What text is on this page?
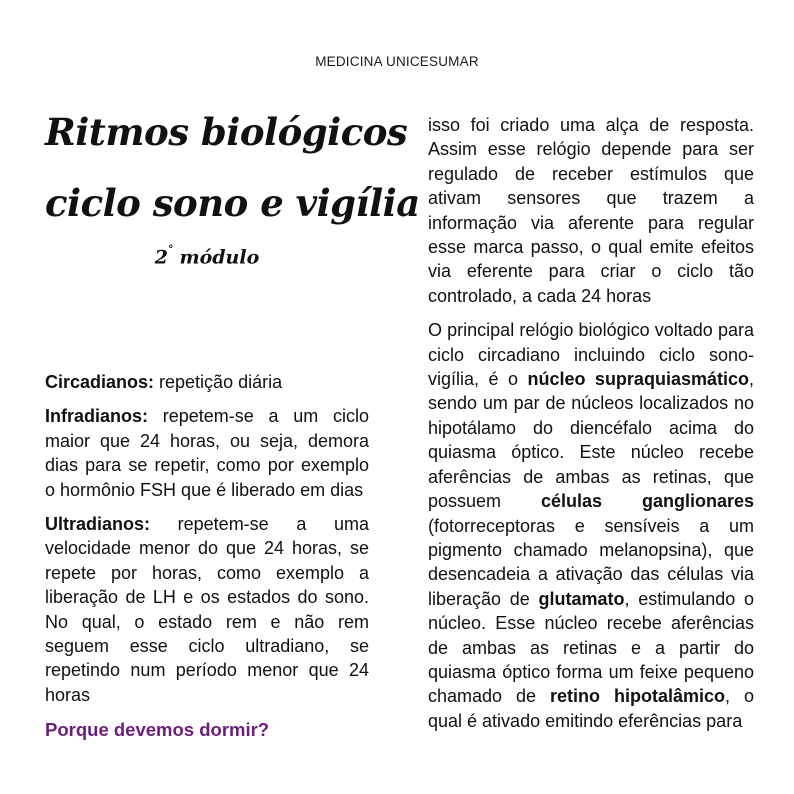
MEDICINA UNICESUMAR
Ritmos biológicos
ciclo sono e vigília
2° módulo

Circadianos: repetição diária

Infradianos: repetem-se a um ciclo maior que 24 horas, ou seja, demora dias para se repetir, como por exemplo o hormônio FSH que é liberado em dias

Ultradianos: repetem-se a uma velocidade menor do que 24 horas, se repete por horas, como exemplo a liberação de LH e os estados do sono. No qual, o estado rem e não rem seguem esse ciclo ultradiano, se repetindo num período menor que 24 horas

Porque devemos dormir?

isso foi criado uma alça de resposta. Assim esse relógio depende para ser regulado de receber estímulos que ativam sensores que trazem a informação via aferente para regular esse marca passo, o qual emite efeitos via eferente para criar o ciclo tão controlado, a cada 24 horas

O principal relógio biológico voltado para ciclo circadiano incluindo ciclo sono-vigília, é o núcleo supraquiasmático, sendo um par de núcleos localizados no hipotálamo do diencéfalo acima do quiasma óptico. Este núcleo recebe aferências de ambas as retinas, que possuem células ganglionares (fotorreceptoras e sensíveis a um pigmento chamado melanopsina), que desencadeia a ativação das células via liberação de glutamato, estimulando o núcleo. Esse núcleo recebe aferências de ambas as retinas e a partir do quiasma óptico forma um feixe pequeno chamado de retino hipotalâmico, o qual é ativado emitindo eferências para
